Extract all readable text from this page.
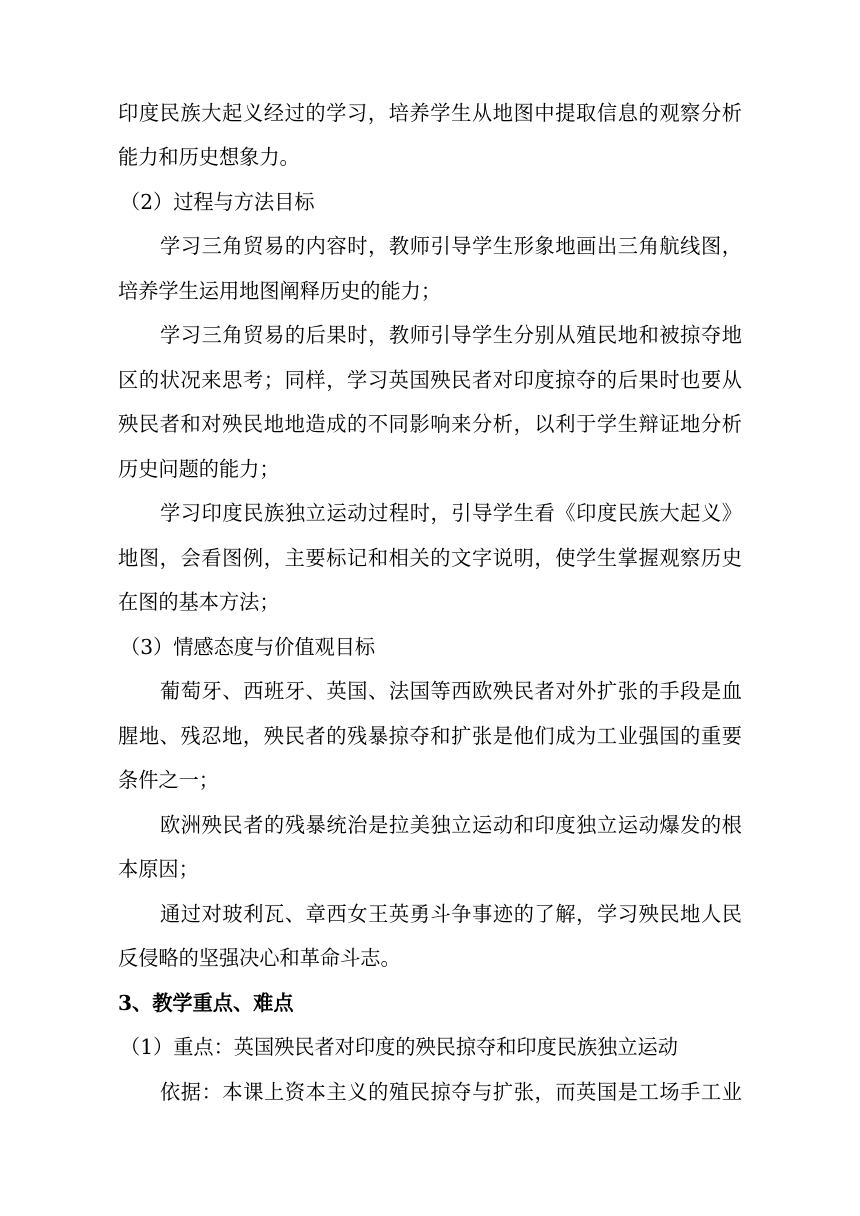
印度民族大起义经过的学习，培养学生从地图中提取信息的观察分析
能力和历史想象力。
（2）过程与方法目标
学习三角贸易的内容时，教师引导学生形象地画出三角航线图，
培养学生运用地图阐释历史的能力；
学习三角贸易的后果时，教师引导学生分别从殖民地和被掠夺地
区的状况来思考；同样，学习英国殃民者对印度掠夺的后果时也要从
殃民者和对殃民地地造成的不同影响来分析，以利于学生辩证地分析
历史问题的能力；
学习印度民族独立运动过程时，引导学生看《印度民族大起义》
地图，会看图例，主要标记和相关的文字说明，使学生掌握观察历史
在图的基本方法；
（3）情感态度与价值观目标
葡萄牙、西班牙、英国、法国等西欧殃民者对外扩张的手段是血
腥地、残忍地，殃民者的残暴掠夺和扩张是他们成为工业强国的重要
条件之一；
欧洲殃民者的残暴统治是拉美独立运动和印度独立运动爆发的根
本原因；
通过对玻利瓦、章西女王英勇斗争事迹的了解，学习殃民地人民
反侵略的坚强决心和革命斗志。
3、教学重点、难点
（1）重点：英国殃民者对印度的殃民掠夺和印度民族独立运动
依据：本课上资本主义的殖民掠夺与扩张，而英国是工场手工业
